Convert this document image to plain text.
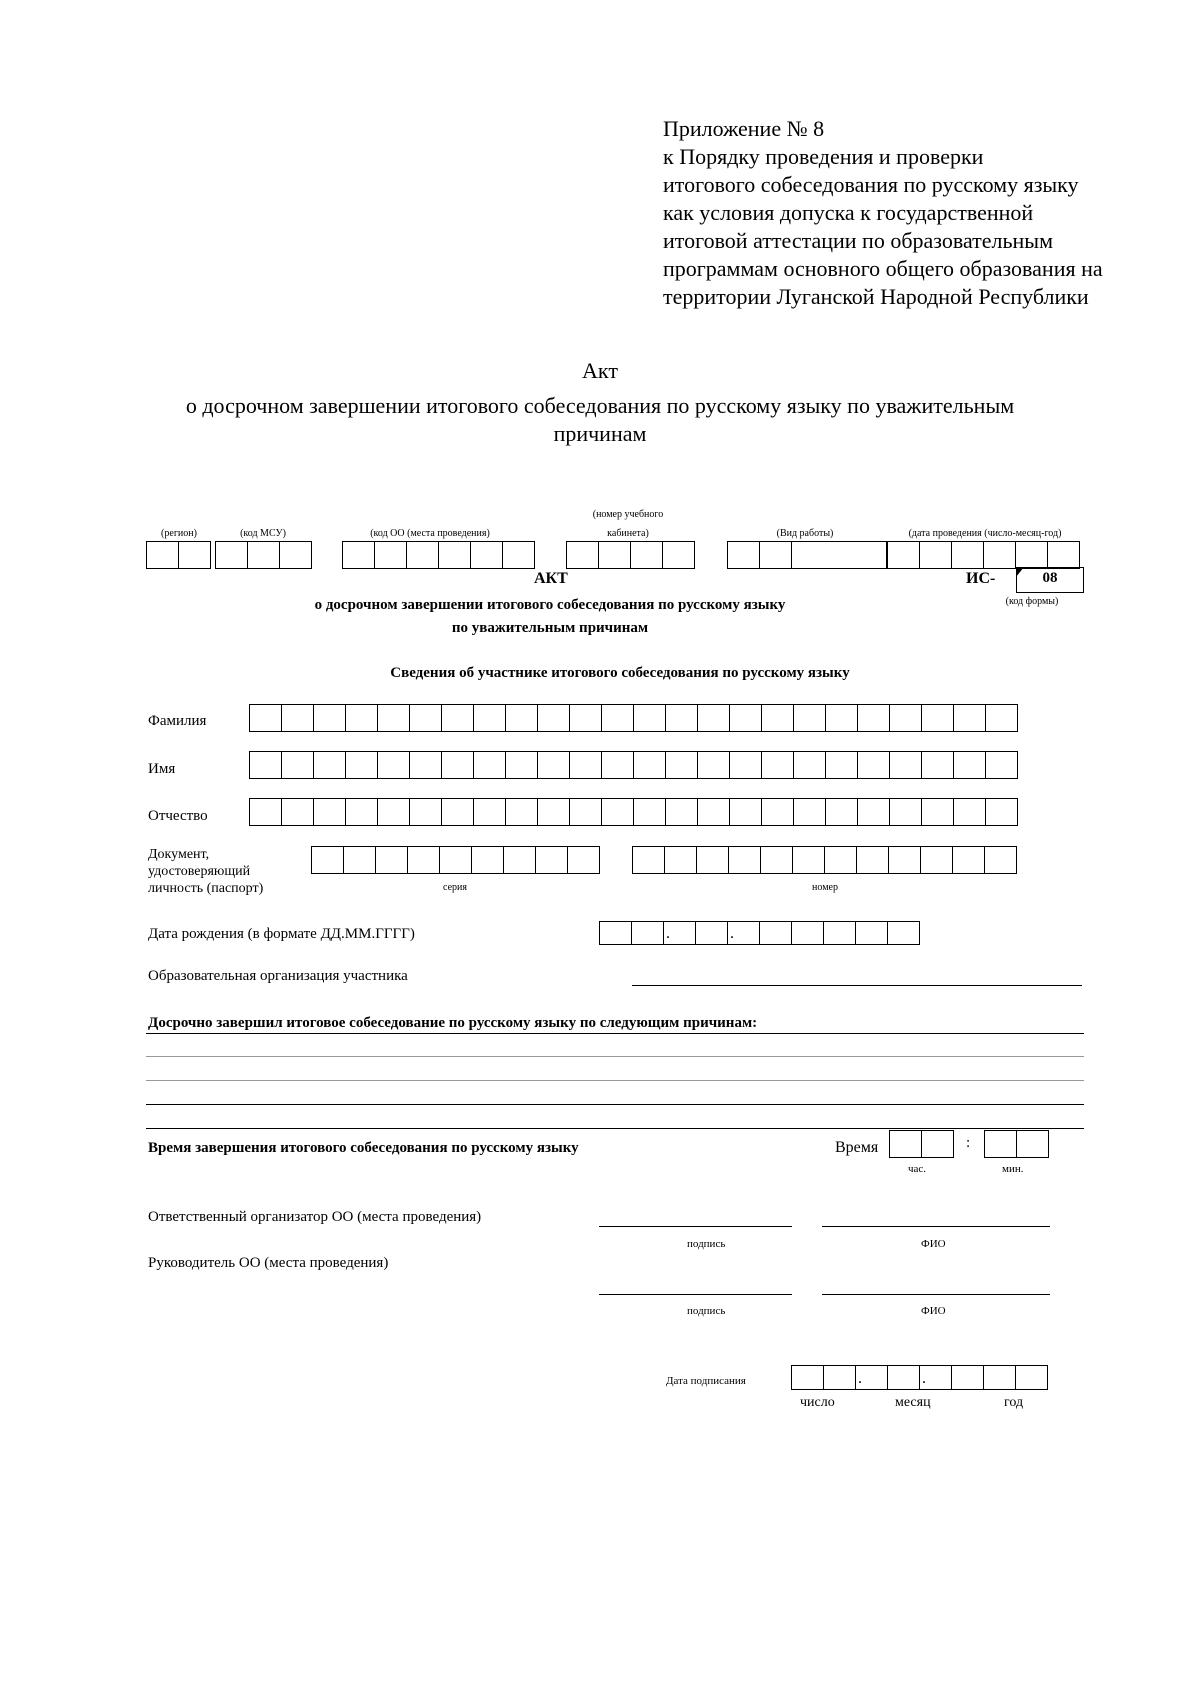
Приложение № 8
к Порядку проведения и проверки
итогового собеседования по русскому языку
как условия допуска к государственной
итоговой аттестации по образовательным
программам основного общего образования на
территории Луганской Народной Республики
Акт
о досрочном завершении итогового собеседования по русскому языку по уважительным
причинам
(регион)	(код МСУ)	(код ОО (места проведения)
(номер учебного
кабинета)	(Вид работы)	(дата проведения (число-месяц-год)
АКТ	ИС-	08
(код формы)
о досрочном завершении итогового собеседования по русскому языку
по уважительным причинам
Сведения об участнике итогового собеседования по русскому языку
Фамилия
Имя
Отчество
Документ,
удостоверяющий
личность (паспорт)	серия	номер
Дата рождения (в формате ДД.ММ.ГГГГ)
.
.
Образовательная организация участника
Досрочно завершил итоговое собеседование по русскому языку по следующим причинам:
Время завершения итогового собеседования по русскому языку	Время	:
час.	мин.
Ответственный организатор ОО (места проведения)
подпись	ФИО
Руководитель ОО (места проведения)
подпись	ФИО
Дата подписания
.
.
число	месяц	год
